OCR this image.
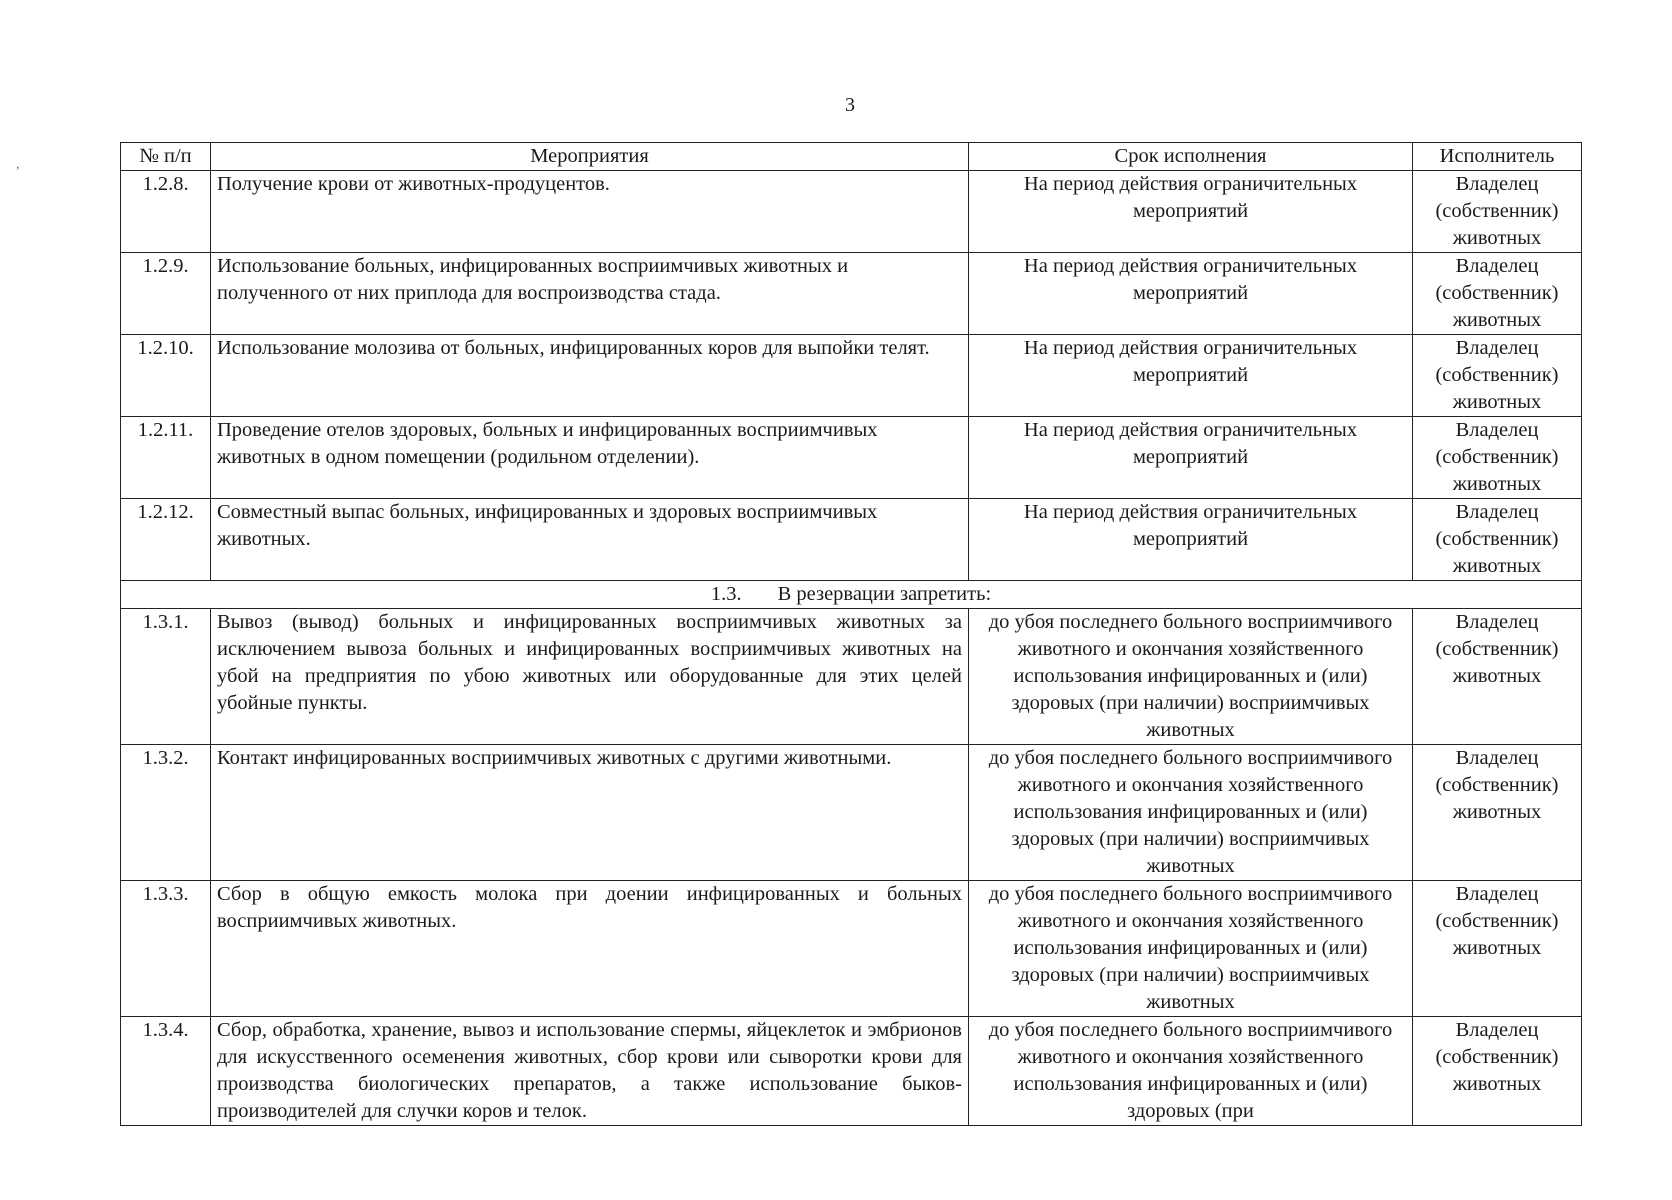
3
,	№ п/п	Мероприятия	Срок исполнения	Исполнитель
1.2.8.	Получение крови от животных-продуцентов.	На период действия ограничительных мероприятий	Владелец (собственник) животных
1.2.9.	Использование больных, инфицированных восприимчивых животных и полученного от них приплода для воспроизводства стада.	На период действия ограничительных мероприятий	Владелец (собственник) животных
1.2.10.	Использование молозива от больных, инфицированных коров для выпойки телят.	На период действия ограничительных мероприятий	Владелец (собственник) животных
1.2.11.	Проведение отелов здоровых, больных и инфицированных восприимчивых животных в одном помещении (родильном отделении).	На период действия ограничительных мероприятий	Владелец (собственник) животных
1.2.12.	Совместный выпас больных, инфицированных и здоровых восприимчивых животных.	На период действия ограничительных мероприятий	Владелец (собственник) животных
1.3. В резервации запретить:			
1.3.1.	Вывоз (вывод) больных и инфицированных восприимчивых животных за исключением вывоза больных и инфицированных восприимчивых животных на убой на предприятия по убою животных или оборудованные для этих целей убойные пункты.	до убоя последнего больного восприимчивого животного и окончания хозяйственного использования инфицированных и (или) здоровых (при наличии) восприимчивых животных	Владелец (собственник) животных
1.3.2.	Контакт инфицированных восприимчивых животных с другими животными.	до убоя последнего больного восприимчивого животного и окончания хозяйственного использования инфицированных и (или) здоровых (при наличии) восприимчивых животных	Владелец (собственник) животных
1.3.3.	Сбор в общую емкость молока при доении инфицированных и больных восприимчивых животных.	до убоя последнего больного восприимчивого животного и окончания хозяйственного использования инфицированных и (или) здоровых (при наличии) восприимчивых животных	Владелец (собственник) животных
1.3.4.	Сбор, обработка, хранение, вывоз и использование спермы, яйцеклеток и эмбрионов для искусственного осеменения животных, сбор крови или сыворотки крови для производства биологических препаратов, а также использование быков-производителей для случки коров и телок.	до убоя последнего больного восприимчивого животного и окончания хозяйственного использования инфицированных и (или) здоровых (при	Владелец (собственник) животных
